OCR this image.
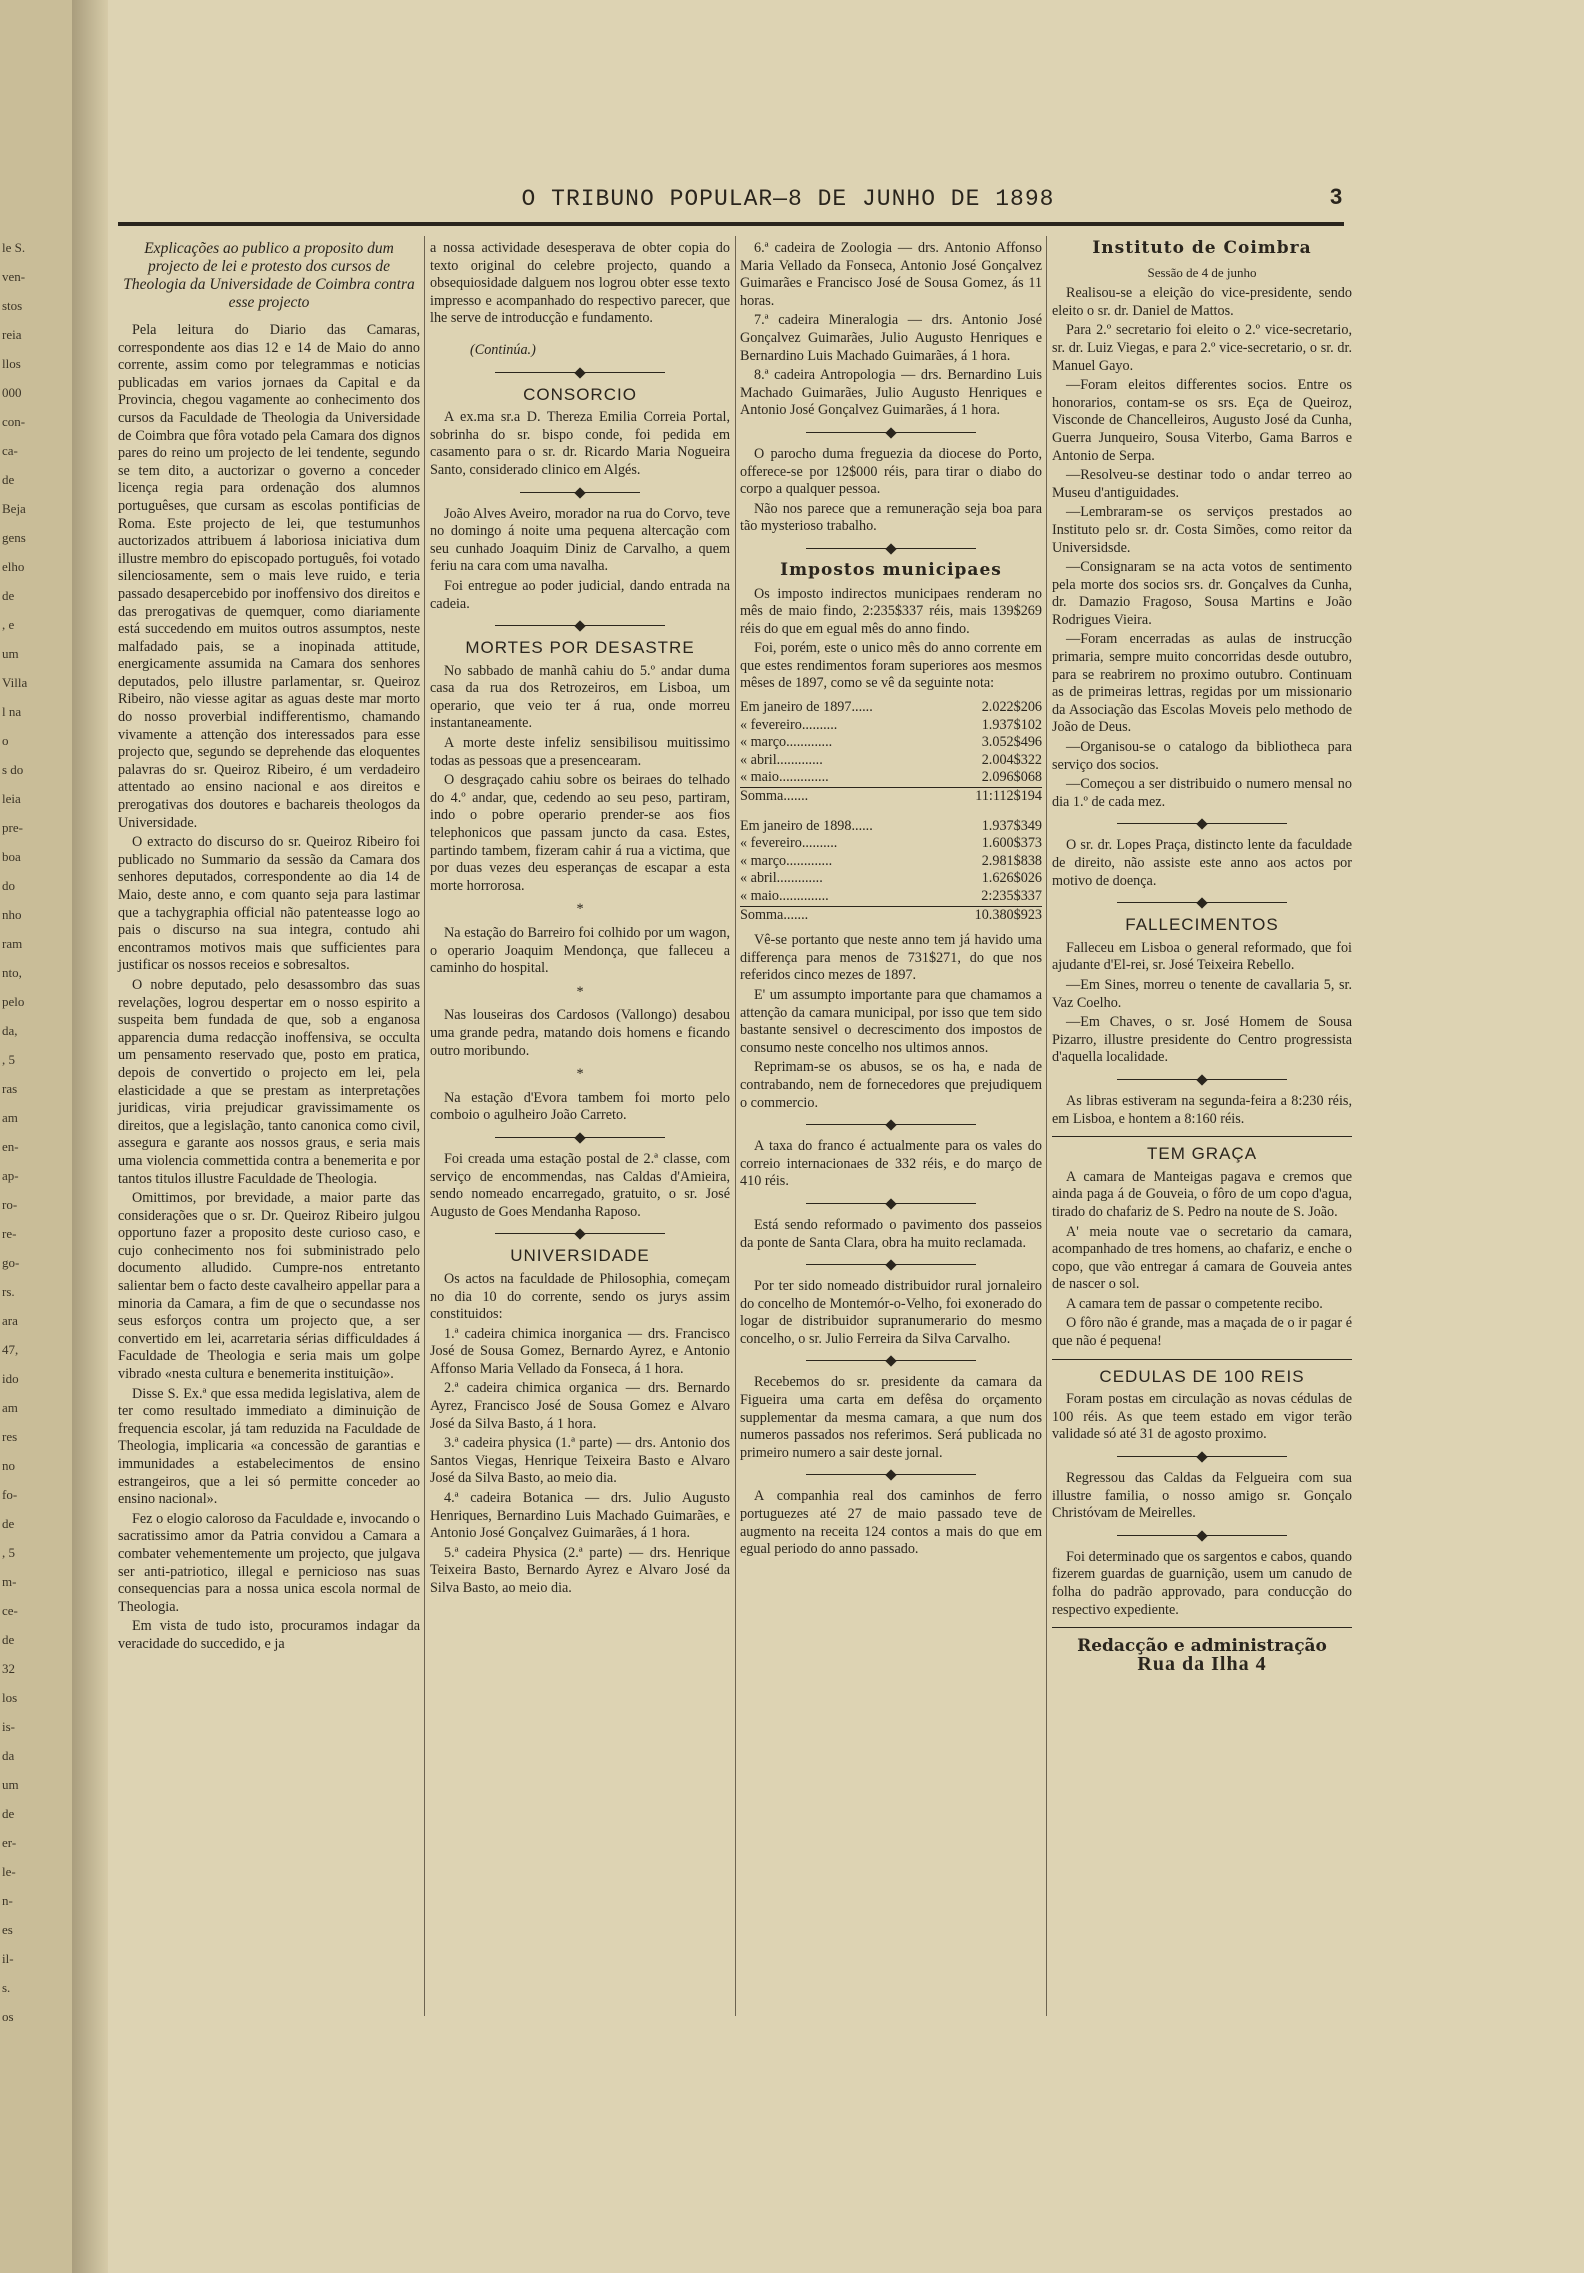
le S.
ven-
stos
reia
llos
000
con-
ca-
de
Beja
gens
elho
de
, e
um
Villa
l na
o
s do
leia
pre-
boa
do
nho
ram
nto,
pelo
da,
, 5
ras
am
en-
ap-
ro-
re-
go-
rs.
ara
47,
ido
am
res
no
fo-
de
, 5
m-
ce-
de
32
los
is-
da
um
de
er-
le-
n-
es
il-
s.
os
O TRIBUNO POPULAR—8 DE JUNHO DE 1898	3
Explicações ao publico a proposito dum projecto de lei e protesto dos cursos de Theologia da Universidade de Coimbra contra esse projecto

Pela leitura do Diario das Camaras, correspondente aos dias 12 e 14 de Maio do anno corrente, assim como por telegrammas e noticias publicadas em varios jornaes da Capital e da Provincia, chegou vagamente ao conhecimento dos cursos da Faculdade de Theologia da Universidade de Coimbra que fôra votado pela Camara dos dignos pares do reino um projecto de lei tendente, segundo se tem dito, a auctorizar o governo a conceder licença regia para ordenação dos alumnos portuguêses, que cursam as escolas pontificias de Roma. Este projecto de lei, que testumunhos auctorizados attribuem á laboriosa iniciativa dum illustre membro do episcopado português, foi votado silenciosamente, sem o mais leve ruido, e teria passado desapercebido por inoffensivo dos direitos e das prerogativas de quemquer, como diariamente está succedendo em muitos outros assumptos, neste malfadado pais, se a inopinada attitude, energicamente assumida na Camara dos senhores deputados, pelo illustre parlamentar, sr. Queiroz Ribeiro, não viesse agitar as aguas deste mar morto do nosso proverbial indifferentismo, chamando vivamente a attenção dos interessados para esse projecto que, segundo se deprehende das eloquentes palavras do sr. Queiroz Ribeiro, é um verdadeiro attentado ao ensino nacional e aos direitos e prerogativas dos doutores e bachareis theologos da Universidade.

O extracto do discurso do sr. Queiroz Ribeiro foi publicado no Summario da sessão da Camara dos senhores deputados, correspondente ao dia 14 de Maio, deste anno, e com quanto seja para lastimar que a tachygraphia official não patenteasse logo ao pais o discurso na sua integra, contudo ahi encontramos motivos mais que sufficientes para justificar os nossos receios e sobresaltos.

O nobre deputado, pelo desassombro das suas revelações, logrou despertar em o nosso espirito a suspeita bem fundada de que, sob a enganosa apparencia duma redacção inoffensiva, se occulta um pensamento reservado que, posto em pratica, depois de convertido o projecto em lei, pela elasticidade a que se prestam as interpretações juridicas, viria prejudicar gravissimamente os direitos, que a legislação, tanto canonica como civil, assegura e garante aos nossos graus, e seria mais uma violencia commettida contra a benemerita e por tantos titulos illustre Faculdade de Theologia.

Omittimos, por brevidade, a maior parte das considerações que o sr. Dr. Queiroz Ribeiro julgou opportuno fazer a proposito deste curioso caso, e cujo conhecimento nos foi subministrado pelo documento alludido. Cumpre-nos entretanto salientar bem o facto deste cavalheiro appellar para a minoria da Camara, a fim de que o secundasse nos seus esforços contra um projecto que, a ser convertido em lei, acarretaria sérias difficuldades á Faculdade de Theologia e seria mais um golpe vibrado «nesta cultura e benemerita instituição».

Disse S. Ex.ª que essa medida legislativa, alem de ter como resultado immediato a diminuição de frequencia escolar, já tam reduzida na Faculdade de Theologia, implicaria «a concessão de garantias e immunidades a estabelecimentos de ensino estrangeiros, que a lei só permitte conceder ao ensino nacional».

Fez o elogio caloroso da Faculdade e, invocando o sacratissimo amor da Patria convidou a Camara a combater vehementemente um projecto, que julgava ser anti-patriotico, illegal e pernicioso nas suas consequencias para a nossa unica escola normal de Theologia.

Em vista de tudo isto, procuramos indagar da veracidade do succedido, e ja

a nossa actividade desesperava de obter copia do texto original do celebre projecto, quando a obsequiosidade dalguem nos logrou obter esse texto impresso e acompanhado do respectivo parecer, que lhe serve de introducção e fundamento.

(Continúa.)
CONSORCIO

A ex.ma sr.a D. Thereza Emilia Correia Portal, sobrinha do sr. bispo conde, foi pedida em casamento para o sr. dr. Ricardo Maria Nogueira Santo, considerado clinico em Algés.

João Alves Aveiro, morador na rua do Corvo, teve no domingo á noite uma pequena altercação com seu cunhado Joaquim Diniz de Carvalho, a quem feriu na cara com uma navalha.

Foi entregue ao poder judicial, dando entrada na cadeia.

MORTES POR DESASTRE

No sabbado de manhã cahiu do 5.º andar duma casa da rua dos Retrozeiros, em Lisboa, um operario, que veio ter á rua, onde morreu instantaneamente.

A morte deste infeliz sensibilisou muitissimo todas as pessoas que a presencearam.

O desgraçado cahiu sobre os beiraes do telhado do 4.º andar, que, cedendo ao seu peso, partiram, indo o pobre operario prender-se aos fios telephonicos que passam juncto da casa. Estes, partindo tambem, fizeram cahir á rua a victima, que por duas vezes deu esperanças de escapar a esta morte horrorosa.

*

Na estação do Barreiro foi colhido por um wagon, o operario Joaquim Mendonça, que falleceu a caminho do hospital.

*

Nas louseiras dos Cardosos (Vallongo) desabou uma grande pedra, matando dois homens e ficando outro moribundo.

*

Na estação d'Evora tambem foi morto pelo comboio o agulheiro João Carreto.

Foi creada uma estação postal de 2.ª classe, com serviço de encommendas, nas Caldas d'Amieira, sendo nomeado encarregado, gratuito, o sr. José Augusto de Goes Mendanha Raposo.

UNIVERSIDADE

Os actos na faculdade de Philosophia, começam no dia 10 do corrente, sendo os jurys assim constituidos:

1.ª cadeira chimica inorganica — drs. Francisco José de Sousa Gomez, Bernardo Ayrez, e Antonio Affonso Maria Vellado da Fonseca, á 1 hora.

2.ª cadeira chimica organica — drs. Bernardo Ayrez, Francisco José de Sousa Gomez e Alvaro José da Silva Basto, á 1 hora.

3.ª cadeira physica (1.ª parte) — drs. Antonio dos Santos Viegas, Henrique Teixeira Basto e Alvaro José da Silva Basto, ao meio dia.

4.ª cadeira Botanica — drs. Julio Augusto Henriques, Bernardino Luis Machado Guimarães, e Antonio José Gonçalvez Guimarães, á 1 hora.

5.ª cadeira Physica (2.ª parte) — drs. Henrique Teixeira Basto, Bernardo Ayrez e Alvaro José da Silva Basto, ao meio dia.

6.ª cadeira de Zoologia — drs. Antonio Affonso Maria Vellado da Fonseca, Antonio José Gonçalvez Guimarães e Francisco José de Sousa Gomez, ás 11 horas.

7.ª cadeira Mineralogia — drs. Antonio José Gonçalvez Guimarães, Julio Augusto Henriques e Bernardino Luis Machado Guimarães, á 1 hora.

8.ª cadeira Antropologia — drs. Bernardino Luis Machado Guimarães, Julio Augusto Henriques e Antonio José Gonçalvez Guimarães, á 1 hora.

O parocho duma freguezia da diocese do Porto, offerece-se por 12$000 réis, para tirar o diabo do corpo a qualquer pessoa.

Não nos parece que a remuneração seja boa para tão mysterioso trabalho.

Impostos municipaes

Os imposto indirectos municipaes renderam no mês de maio findo, 2:235$337 réis, mais 139$269 réis do que em egual mês do anno findo.

Foi, porém, este o unico mês do anno corrente em que estes rendimentos foram superiores aos mesmos mêses de 1897, como se vê da seguinte nota:

Em janeiro de 1897......	2.022$206
« fevereiro..........	1.937$102
« março.............	3.052$496
« abril.............	2.004$322
« maio..............	2.096$068
Somma.......	11:112$194
Em janeiro de 1898......	1.937$349
« fevereiro..........	1.600$373
« março.............	2.981$838
« abril.............	1.626$026
« maio..............	2:235$337
Somma.......	10.380$923

Vê-se portanto que neste anno tem já havido uma differença para menos de 731$271, do que nos referidos cinco mezes de 1897.

E' um assumpto importante para que chamamos a attenção da camara municipal, por isso que tem sido bastante sensivel o decrescimento dos impostos de consumo neste concelho nos ultimos annos.

Reprimam-se os abusos, se os ha, e nada de contrabando, nem de fornecedores que prejudiquem o commercio.

A taxa do franco é actualmente para os vales do correio internacionaes de 332 réis, e do março de 410 réis.

Está sendo reformado o pavimento dos passeios da ponte de Santa Clara, obra ha muito reclamada.

Por ter sido nomeado distribuidor rural jornaleiro do concelho de Montemór-o-Velho, foi exonerado do logar de distribuidor supranumerario do mesmo concelho, o sr. Julio Ferreira da Silva Carvalho.

Recebemos do sr. presidente da camara da Figueira uma carta em defêsa do orçamento supplementar da mesma camara, a que num dos numeros passados nos referimos. Será publicada no primeiro numero a sair deste jornal.

A companhia real dos caminhos de ferro portuguezes até 27 de maio passado teve de augmento na receita 124 contos a mais do que em egual periodo do anno passado.

Instituto de Coimbra
Sessão de 4 de junho

Realisou-se a eleição do vice-presidente, sendo eleito o sr. dr. Daniel de Mattos.

Para 2.º secretario foi eleito o 2.º vice-secretario, sr. dr. Luiz Viegas, e para 2.º vice-secretario, o sr. dr. Manuel Gayo.

—Foram eleitos differentes socios. Entre os honorarios, contam-se os srs. Eça de Queiroz, Visconde de Chancelleiros, Augusto José da Cunha, Guerra Junqueiro, Sousa Viterbo, Gama Barros e Antonio de Serpa.

—Resolveu-se destinar todo o andar terreo ao Museu d'antiguidades.

—Lembraram-se os serviços prestados ao Instituto pelo sr. dr. Costa Simões, como reitor da Universidsde.

—Consignaram se na acta votos de sentimento pela morte dos socios srs. dr. Gonçalves da Cunha, dr. Damazio Fragoso, Sousa Martins e João Rodrigues Vieira.

—Foram encerradas as aulas de instrucção primaria, sempre muito concorridas desde outubro, para se reabrirem no proximo outubro. Continuam as de primeiras lettras, regidas por um missionario da Associação das Escolas Moveis pelo methodo de João de Deus.

—Organisou-se o catalogo da bibliotheca para serviço dos socios.

—Começou a ser distribuido o numero mensal no dia 1.º de cada mez.

O sr. dr. Lopes Praça, distincto lente da faculdade de direito, não assiste este anno aos actos por motivo de doença.

FALLECIMENTOS

Falleceu em Lisboa o general reformado, que foi ajudante d'El-rei, sr. José Teixeira Rebello.

—Em Sines, morreu o tenente de cavallaria 5, sr. Vaz Coelho.

—Em Chaves, o sr. José Homem de Sousa Pizarro, illustre presidente do Centro progressista d'aquella localidade.

As libras estiveram na segunda-feira a 8:230 réis, em Lisboa, e hontem a 8:160 réis.

TEM GRAÇA

A camara de Manteigas pagava e cremos que ainda paga á de Gouveia, o fôro de um copo d'agua, tirado do chafariz de S. Pedro na noute de S. João.

A' meia noute vae o secretario da camara, acompanhado de tres homens, ao chafariz, e enche o copo, que vão entregar á camara de Gouveia antes de nascer o sol.

A camara tem de passar o competente recibo.

O fôro não é grande, mas a maçada de o ir pagar é que não é pequena!

CEDULAS DE 100 REIS

Foram postas em circulação as novas cédulas de 100 réis. As que teem estado em vigor terão validade só até 31 de agosto proximo.

Regressou das Caldas da Felgueira com sua illustre familia, o nosso amigo sr. Gonçalo Christóvam de Meirelles.

Foi determinado que os sargentos e cabos, quando fizerem guardas de guarnição, usem um canudo de folha do padrão approvado, para conducção do respectivo expediente.

Redacção e administração
Rua da Ilha 4
